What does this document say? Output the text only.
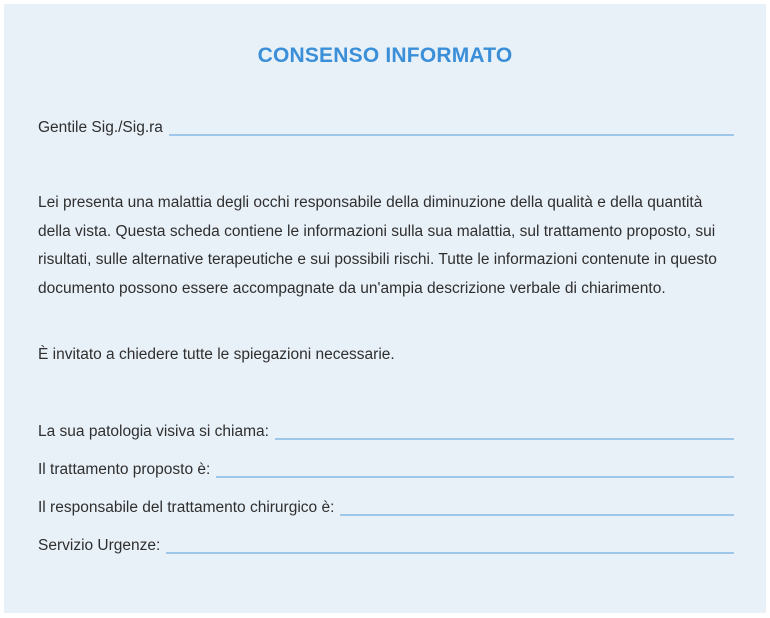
CONSENSO INFORMATO
Gentile Sig./Sig.ra

Lei presenta una malattia degli occhi responsabile della diminuzione della qualità e della quantità della vista. Questa scheda contiene le informazioni sulla sua malattia, sul trattamento proposto, sui risultati, sulle alternative terapeutiche e sui possibili rischi. Tutte le informazioni contenute in questo documento possono essere accompagnate da un'ampia descrizione verbale di chiarimento.

È invitato a chiedere tutte le spiegazioni necessarie.

La sua patologia visiva si chiama:
Il trattamento proposto è:
Il responsabile del trattamento chirurgico è:
Servizio Urgenze:
